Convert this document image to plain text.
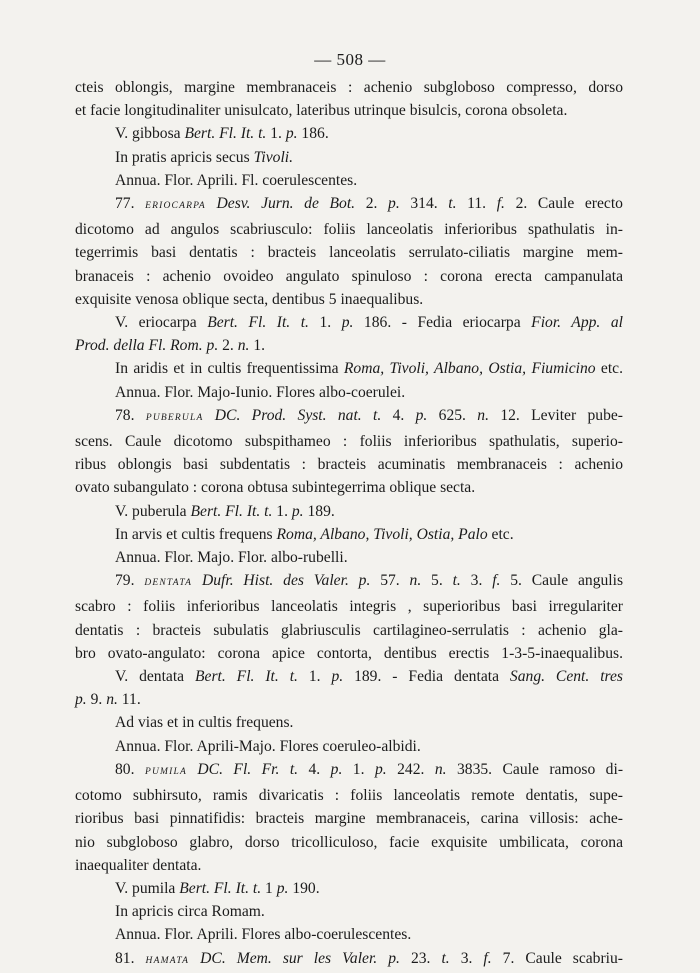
— 508 —

cteis oblongis, margine membranaceis : achenio subgloboso compresso, dorso

et facie longitudinaliter unisulcato, lateribus utrinque bisulcis, corona obsoleta.

V. gibbosa Bert. Fl. It. t. 1. p. 186.

In pratis apricis secus Tivoli.

Annua. Flor. Aprili. Fl. coerulescentes.

77. ERIOCARPA Desv. Jurn. de Bot. 2. p. 314. t. 11. f. 2. Caule erecto

dicotomo ad angulos scabriusculo: foliis lanceolatis inferioribus spathulatis in-

tegerrimis basi dentatis : bracteis lanceolatis serrulato-ciliatis margine mem-

branaceis : achenio ovoideo angulato spinuloso : corona erecta campanulata

exquisite venosa oblique secta, dentibus 5 inaequalibus.

V. eriocarpa Bert. Fl. It. t. 1. p. 186. - Fedia eriocarpa Fior. App. al

Prod. della Fl. Rom. p. 2. n. 1.

In aridis et in cultis frequentissima Roma, Tivoli, Albano, Ostia, Fiumicino etc.

Annua. Flor. Majo-Iunio. Flores albo-coerulei.

78. PUBERULA DC. Prod. Syst. nat. t. 4. p. 625. n. 12. Leviter pube-

scens. Caule dicotomo subspithameo : foliis inferioribus spathulatis, superio-

ribus oblongis basi subdentatis : bracteis acuminatis membranaceis : achenio

ovato subangulato : corona obtusa subintegerrima oblique secta.

V. puberula Bert. Fl. It. t. 1. p. 189.

In arvis et cultis frequens Roma, Albano, Tivoli, Ostia, Palo etc.

Annua. Flor. Majo. Flor. albo-rubelli.

79. DENTATA Dufr. Hist. des Valer. p. 57. n. 5. t. 3. f. 5. Caule angulis

scabro : foliis inferioribus lanceolatis integris , superioribus basi irregulariter

dentatis : bracteis subulatis glabriusculis cartilagineo-serrulatis : achenio gla-

bro ovato-angulato: corona apice contorta, dentibus erectis 1-3-5-inaequalibus.

V. dentata Bert. Fl. It. t. 1. p. 189. - Fedia dentata Sang. Cent. tres

p. 9. n. 11.

Ad vias et in cultis frequens.

Annua. Flor. Aprili-Majo. Flores coeruleo-albidi.

80. PUMILA DC. Fl. Fr. t. 4. p. 1. p. 242. n. 3835. Caule ramoso di-

cotomo subhirsuto, ramis divaricatis : foliis lanceolatis remote dentatis, supe-

rioribus basi pinnatifidis: bracteis margine membranaceis, carina villosis: ache-

nio subgloboso glabro, dorso tricolliculoso, facie exquisite umbilicata, corona

inaequaliter dentata.

V. pumila Bert. Fl. It. t. 1 p. 190.

In apricis circa Romam.

Annua. Flor. Aprili. Flores albo-coerulescentes.

81. HAMATA DC. Mem. sur les Valer. p. 23. t. 3. f. 7. Caule scabriu-
